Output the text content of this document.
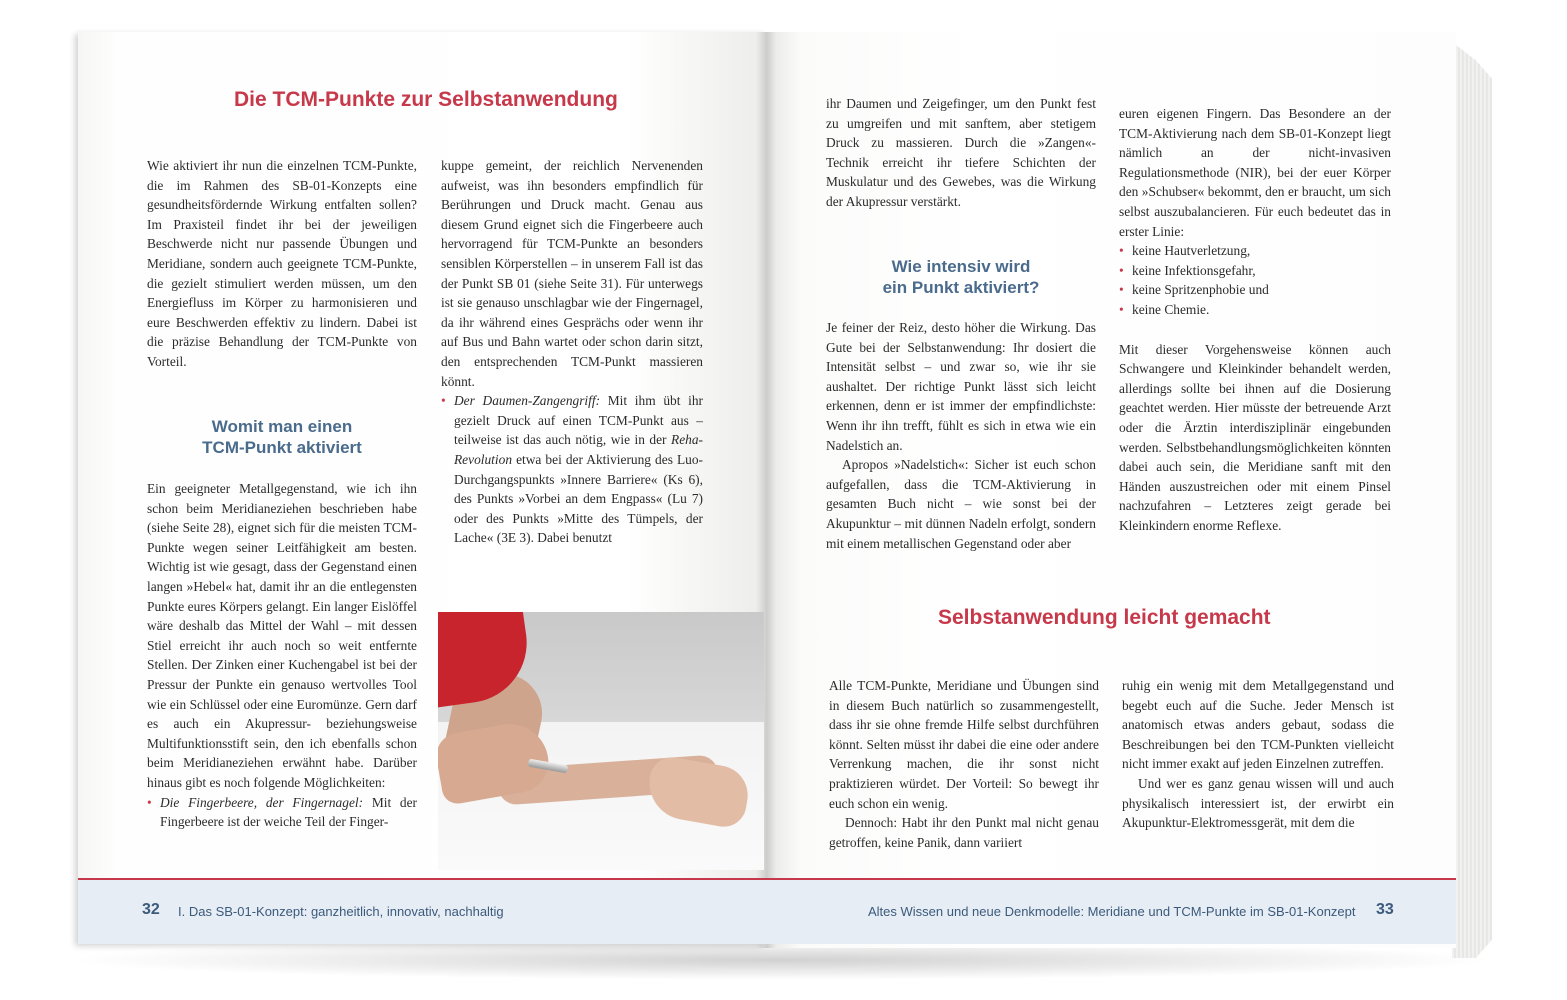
Die TCM-Punkte zur Selbstanwendung

Wie aktiviert ihr nun die einzelnen TCM-Punkte, die im Rahmen des SB-01-Konzepts eine gesundheitsfördernde Wirkung entfalten sollen? Im Praxisteil findet ihr bei der jeweiligen Beschwerde nicht nur passende Übungen und Meridiane, sondern auch geeignete TCM-Punkte, die gezielt stimuliert werden müssen, um den Energiefluss im Körper zu harmonisieren und eure Beschwerden effektiv zu lindern. Dabei ist die präzise Behandlung der TCM-Punkte von Vorteil.

Womit man einen
TCM-Punkt aktiviert

Ein geeigneter Metallgegenstand, wie ich ihn schon beim Meridianeziehen beschrieben habe (siehe Seite 28), eignet sich für die meisten TCM-Punkte wegen seiner Leitfähigkeit am besten. Wichtig ist wie gesagt, dass der Gegenstand einen langen »Hebel« hat, damit ihr an die entlegensten Punkte eures Körpers gelangt. Ein langer Eislöffel wäre deshalb das Mittel der Wahl – mit dessen Stiel erreicht ihr auch noch so weit entfernte Stellen. Der Zinken einer Kuchengabel ist bei der Pressur der Punkte ein genauso wertvolles Tool wie ein Schlüssel oder eine Euromünze. Gern darf es auch ein Akupressur- beziehungsweise Multifunktionsstift sein, den ich ebenfalls schon beim Meridianeziehen erwähnt habe. Darüber hinaus gibt es noch folgende Möglichkeiten:

• Die Fingerbeere, der Fingernagel: Mit der Fingerbeere ist der weiche Teil der Finger-

kuppe gemeint, der reichlich Nervenenden aufweist, was ihn besonders empfindlich für Berührungen und Druck macht. Genau aus diesem Grund eignet sich die Fingerbeere auch hervorragend für TCM-Punkte an besonders sensiblen Körperstellen – in unserem Fall ist das der Punkt SB 01 (siehe Seite 31). Für unterwegs ist sie genauso unschlagbar wie der Fingernagel, da ihr während eines Gesprächs oder wenn ihr auf Bus und Bahn wartet oder schon darin sitzt, den entsprechenden TCM-Punkt massieren könnt.

• Der Daumen-Zangengriff: Mit ihm übt ihr gezielt Druck auf einen TCM-Punkt aus – teilweise ist das auch nötig, wie in der Reha-Revolution etwa bei der Aktivierung des Luo-Durchgangspunkts »Innere Barriere« (Ks 6), des Punkts »Vorbei an dem Engpass« (Lu 7) oder des Punkts »Mitte des Tümpels, der Lache« (3E 3). Dabei benutzt
32 I. Das SB-01-Konzept: ganzheitlich, innovativ, nachhaltig

ihr Daumen und Zeigefinger, um den Punkt fest zu umgreifen und mit sanftem, aber stetigem Druck zu massieren. Durch die »Zangen«-Technik erreicht ihr tiefere Schichten der Muskulatur und des Gewebes, was die Wirkung der Akupressur verstärkt.

Wie intensiv wird
ein Punkt aktiviert?

Je feiner der Reiz, desto höher die Wirkung. Das Gute bei der Selbstanwendung: Ihr dosiert die Intensität selbst – und zwar so, wie ihr sie aushaltet. Der richtige Punkt lässt sich leicht erkennen, denn er ist immer der empfindlichste: Wenn ihr ihn trefft, fühlt es sich in etwa wie ein Nadelstich an.

Apropos »Nadelstich«: Sicher ist euch schon aufgefallen, dass die TCM-Aktivierung in gesamten Buch nicht – wie sonst bei der Akupunktur – mit dünnen Nadeln erfolgt, sondern mit einem metallischen Gegenstand oder aber

euren eigenen Fingern. Das Besondere an der TCM-Aktivierung nach dem SB-01-Konzept liegt nämlich an der nicht-invasiven Regulationsmethode (NIR), bei der euer Körper den »Schubser« bekommt, den er braucht, um sich selbst auszubalancieren. Für euch bedeutet das in erster Linie:

• keine Hautverletzung,
• keine Infektionsgefahr,
• keine Spritzenphobie und
• keine Chemie.

Mit dieser Vorgehensweise können auch Schwangere und Kleinkinder behandelt werden, allerdings sollte bei ihnen auf die Dosierung geachtet werden. Hier müsste der betreuende Arzt oder die Ärztin interdisziplinär eingebunden werden. Selbstbehandlungsmöglichkeiten könnten dabei auch sein, die Meridiane sanft mit den Händen auszustreichen oder mit einem Pinsel nachzufahren – Letzteres zeigt gerade bei Kleinkindern enorme Reflexe.

Selbstanwendung leicht gemacht

Alle TCM-Punkte, Meridiane und Übungen sind in diesem Buch natürlich so zusammengestellt, dass ihr sie ohne fremde Hilfe selbst durchführen könnt. Selten müsst ihr dabei die eine oder andere Verrenkung machen, die ihr sonst nicht praktizieren würdet. Der Vorteil: So bewegt ihr euch schon ein wenig.

Dennoch: Habt ihr den Punkt mal nicht genau getroffen, keine Panik, dann variiert

ruhig ein wenig mit dem Metallgegenstand und begebt euch auf die Suche. Jeder Mensch ist anatomisch etwas anders gebaut, sodass die Beschreibungen bei den TCM-Punkten vielleicht nicht immer exakt auf jeden Einzelnen zutreffen.

Und wer es ganz genau wissen will und auch physikalisch interessiert ist, der erwirbt ein Akupunktur-Elektromessgerät, mit dem die

Altes Wissen und neue Denkmodelle: Meridiane und TCM-Punkte im SB-01-Konzept 33
